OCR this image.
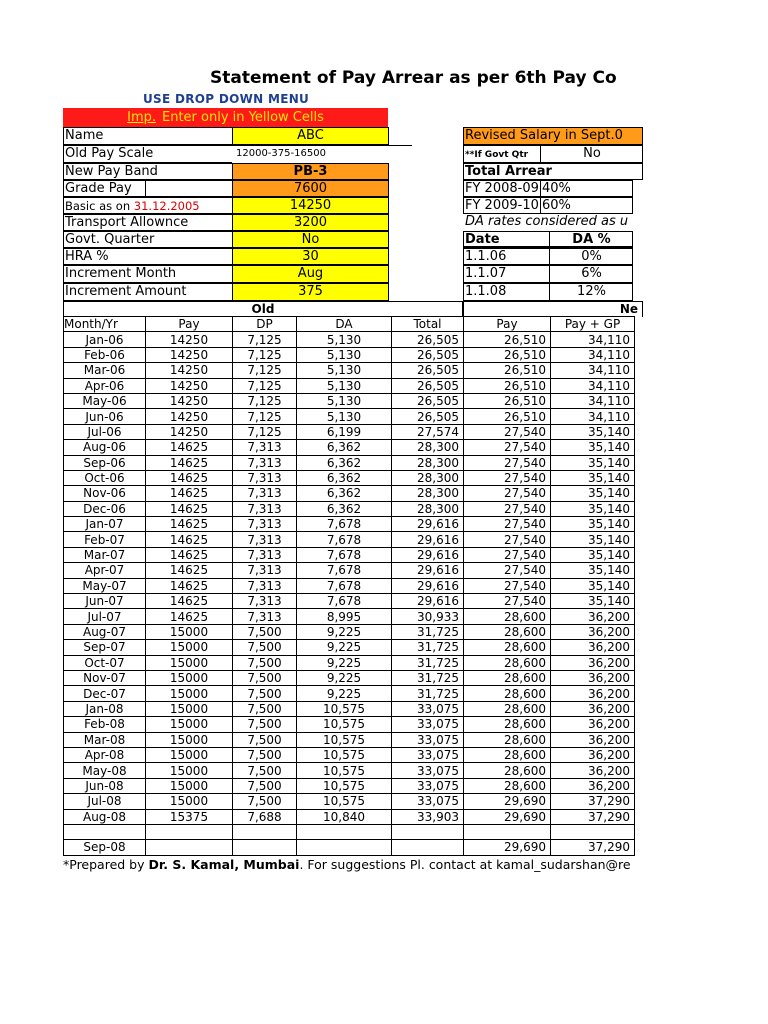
Statement of Pay Arrear as per 6th Pay Co
USE DROP DOWN MENU
Imp. Enter only in Yellow Cells
Name	ABC
Old Pay Scale	12000-375-16500
New Pay Band	PB-3
Grade Pay	7600
Basic as on 31.12.2005	14250
Transport Allownce	3200
Govt. Quarter	No
HRA %	30
Increment Month	Aug
Increment Amount	375
Revised Salary in Sept.0
**If Govt Qtr	No
Total Arrear
FY 2008-09 40%
FY 2009-10 60%
DA rates considered as u
Date	DA %
1.1.06	0%
1.1.07	6%
1.1.08	12%
Old	Ne
Month/Yr	Pay	DP	DA	Total	Pay	Pay + GP
Jan-06	14250	7,125	5,130	26,505	26,510	34,110
Feb-06	14250	7,125	5,130	26,505	26,510	34,110
Mar-06	14250	7,125	5,130	26,505	26,510	34,110
Apr-06	14250	7,125	5,130	26,505	26,510	34,110
May-06	14250	7,125	5,130	26,505	26,510	34,110
Jun-06	14250	7,125	5,130	26,505	26,510	34,110
Jul-06	14250	7,125	6,199	27,574	27,540	35,140
Aug-06	14625	7,313	6,362	28,300	27,540	35,140
Sep-06	14625	7,313	6,362	28,300	27,540	35,140
Oct-06	14625	7,313	6,362	28,300	27,540	35,140
Nov-06	14625	7,313	6,362	28,300	27,540	35,140
Dec-06	14625	7,313	6,362	28,300	27,540	35,140
Jan-07	14625	7,313	7,678	29,616	27,540	35,140
Feb-07	14625	7,313	7,678	29,616	27,540	35,140
Mar-07	14625	7,313	7,678	29,616	27,540	35,140
Apr-07	14625	7,313	7,678	29,616	27,540	35,140
May-07	14625	7,313	7,678	29,616	27,540	35,140
Jun-07	14625	7,313	7,678	29,616	27,540	35,140
Jul-07	14625	7,313	8,995	30,933	28,600	36,200
Aug-07	15000	7,500	9,225	31,725	28,600	36,200
Sep-07	15000	7,500	9,225	31,725	28,600	36,200
Oct-07	15000	7,500	9,225	31,725	28,600	36,200
Nov-07	15000	7,500	9,225	31,725	28,600	36,200
Dec-07	15000	7,500	9,225	31,725	28,600	36,200
Jan-08	15000	7,500	10,575	33,075	28,600	36,200
Feb-08	15000	7,500	10,575	33,075	28,600	36,200
Mar-08	15000	7,500	10,575	33,075	28,600	36,200
Apr-08	15000	7,500	10,575	33,075	28,600	36,200
May-08	15000	7,500	10,575	33,075	28,600	36,200
Jun-08	15000	7,500	10,575	33,075	28,600	36,200
Jul-08	15000	7,500	10,575	33,075	29,690	37,290
Aug-08	15375	7,688	10,840	33,903	29,690	37,290

Sep-08					29,690	37,290
*Prepared by Dr. S. Kamal, Mumbai. For suggestions Pl. contact at kamal_sudarshan@re
